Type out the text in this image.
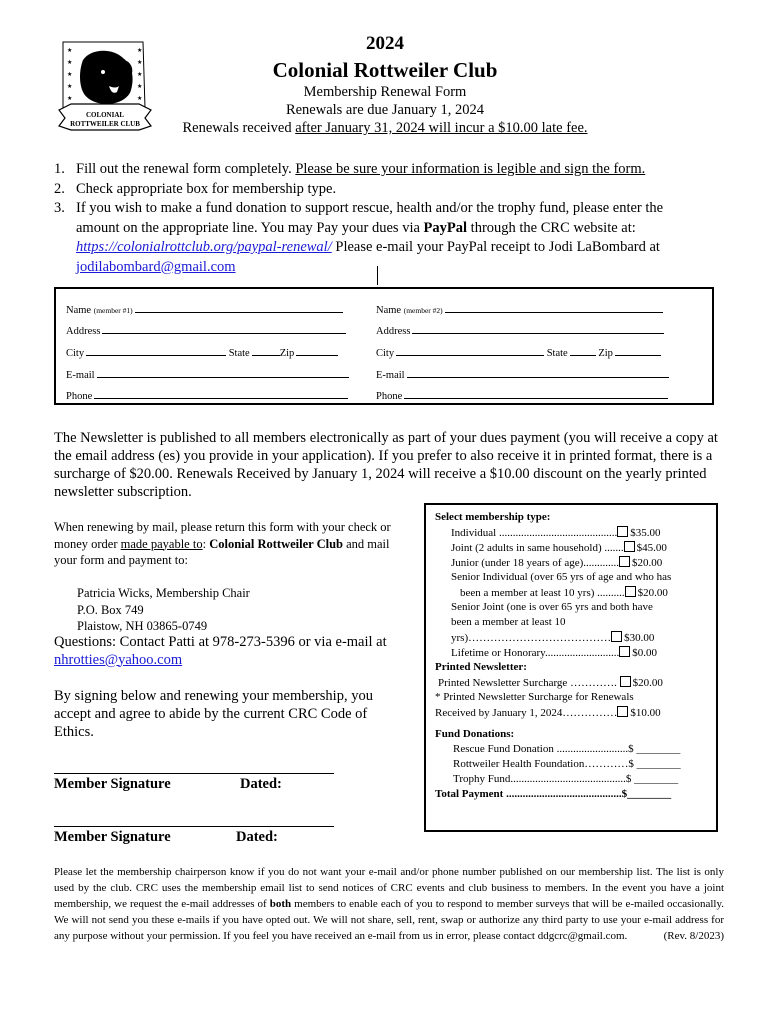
★
★
★
★
★
★
★
★
★
★
COLONIAL
ROTTWEILER CLUB
2024
Colonial Rottweiler Club
Membership Renewal Form
Renewals are due January 1, 2024
Renewals received after January 31, 2024 will incur a $10.00 late fee.
1. Fill out the renewal form completely. Please be sure your information is legible and sign the form.
2. Check appropriate box for membership type.
3. If you wish to make a fund donation to support rescue, health and/or the trophy fund, please enter the amount on the appropriate line. You may Pay your dues via PayPal through the CRC website at:
https://colonialrottclub.org/paypal-renewal/ Please e-mail your PayPal receipt to Jodi LaBombard at
jodilabombard@gmail.com
Name (member #1)	Name (member #2)
Address	Address
City	State	Zip	City	State	Zip
E-mail	E-mail
Phone	Phone
The Newsletter is published to all members electronically as part of your dues payment (you will receive a copy at the email address (es) you provide in your application). If you prefer to also receive it in printed format, there is a surcharge of $20.00. Renewals Received by January 1, 2024 will receive a $10.00 discount on the yearly printed newsletter subscription.
When renewing by mail, please return this form with your check or money order made payable to: Colonial Rottweiler Club and mail your form and payment to:
Patricia Wicks, Membership Chair
P.O. Box 749
Plaistow, NH 03865-0749
Questions: Contact Patti at 978-273-5396 or via e-mail at
nhrotties@yahoo.com
By signing below and renewing your membership, you accept and agree to abide by the current CRC Code of Ethics.
Member Signature	Dated:
Member Signature	Dated:
Select membership type:
Individual ........................................... $35.00
Joint (2 adults in same household) ....... $45.00
Junior (under 18 years of age)............. $20.00
Senior Individual (over 65 yrs of age and who has
been a member at least 10 yrs) .......... $20.00
Senior Joint (one is over 65 yrs and both have
been a member at least 10
yrs)………………………………… $30.00
Lifetime or Honorary........................... $0.00
Printed Newsletter:
Printed Newsletter Surcharge …………. $20.00
* Printed Newsletter Surcharge for Renewals
Received by January 1, 2024…………… $10.00
Fund Donations:
Rescue Fund Donation ..........................$ ________
Rottweiler Health Foundation…………$ ________
Trophy Fund..........................................$ ________
Total Payment ..........................................$________
Please let the membership chairperson know if you do not want your e-mail and/or phone number published on our membership list. The list is only used by the club. CRC uses the membership email list to send notices of CRC events and club business to members. In the event you have a joint membership, we request the e-mail addresses of both members to enable each of you to respond to member surveys that will be e-mailed occasionally. We will not send you these e-mails if you have opted out. We will not share, sell, rent, swap or authorize any third party to use your e-mail address for any purpose without your permission. If you feel you have received an e-mail from us in error, please contact ddgcrc@gmail.com.	(Rev. 8/2023)
